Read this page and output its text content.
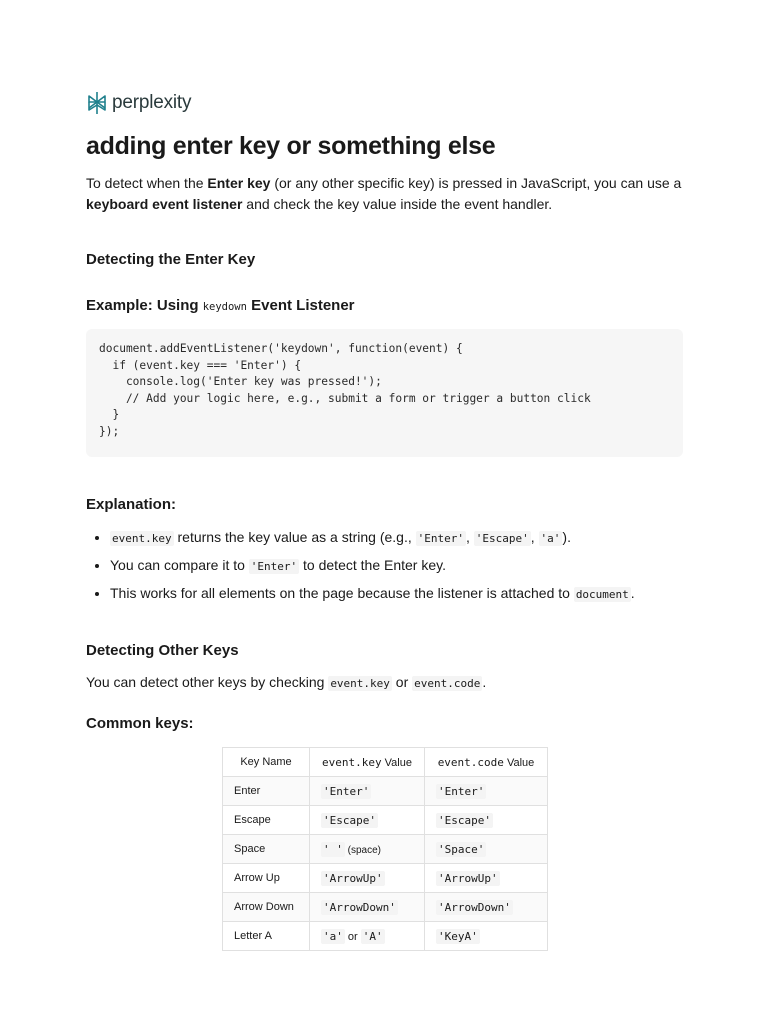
perplexity
adding enter key or something else

To detect when the Enter key (or any other specific key) is pressed in JavaScript, you can use a keyboard event listener and check the key value inside the event handler.

Detecting the Enter Key
Example: Using keydown Event Listener
document.addEventListener('keydown', function(event) {
if (event.key === 'Enter') {
console.log('Enter key was pressed!');
// Add your logic here, e.g., submit a form or trigger a button click
}
});
Explanation:
• event.key returns the key value as a string (e.g., 'Enter' , 'Escape' , 'a' ).
• You can compare it to 'Enter' to detect the Enter key.
• This works for all elements on the page because the listener is attached to document .
Detecting Other Keys

You can detect other keys by checking event.key or event.code .

Common keys:
Key Name	event.key Value	event.code Value
Enter	'Enter'	'Enter'
Escape	'Escape'	'Escape'
Space	' ' (space)	'Space'
Arrow Up	'ArrowUp'	'ArrowUp'
Arrow Down	'ArrowDown'	'ArrowDown'
Letter A	'a' or 'A'	'KeyA'
